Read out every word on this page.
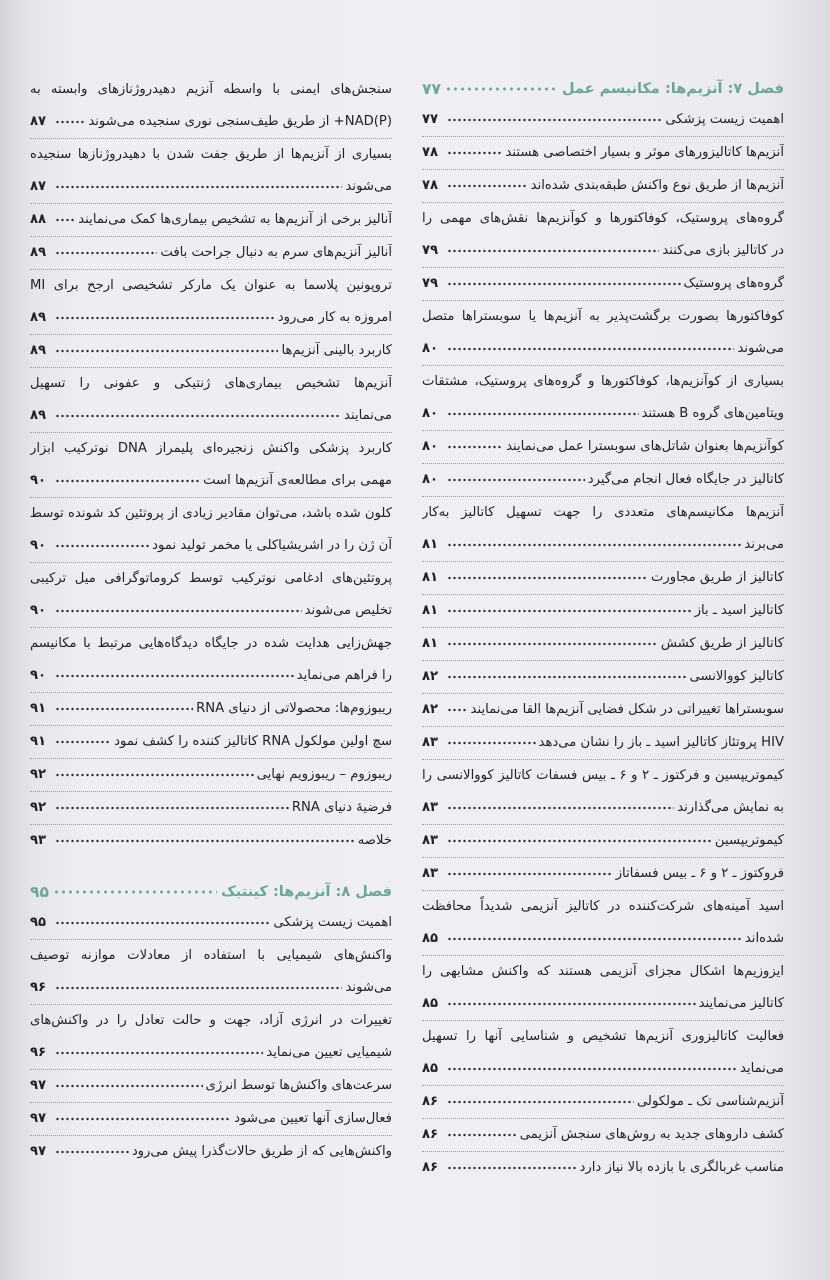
فصل ۷: آنزیم‌ها: مکانیسم عمل
۷۷
اهمیت زیست پزشکی
۷۷
آنزیم‌ها کاتالیزورهای موثر و بسیار اختصاصی هستند
۷۸
آنزیم‌ها از طریق نوع واکنش طبقه‌بندی شده‌اند
۷۸
گروه‌های پروستیک، کوفاکتورها و کوآنزیم‌ها نقش‌های مهمی را
در کاتالیز بازی می‌کنند
۷۹
گروه‌های پروستیک
۷۹
کوفاکتورها بصورت برگشت‌پذیر به آنزیم‌ها یا سوبستراها متصل
می‌شوند
۸۰
بسیاری از کوآنزیم‌ها، کوفاکتورها و گروه‌های پروستیک، مشتقات
ویتامین‌های گروه B هستند
۸۰
کوآنزیم‌ها بعنوان شاتل‌های سوبسترا عمل می‌نمایند
۸۰
کاتالیز در جایگاه فعال انجام می‌گیرد
۸۰
آنزیم‌ها مکانیسم‌های متعددی را جهت تسهیل کاتالیز به‌کار
می‌برند
۸۱
کاتالیز از طریق مجاورت
۸۱
کاتالیز اسید ـ باز
۸۱
کاتالیز از طریق کشش
۸۱
کاتالیز کووالانسی
۸۲
سوبستراها تغییراتی در شکل فضایی آنزیم‌ها القا می‌نمایند
۸۲
HIV پروتئاز کاتالیز اسید ـ باز را نشان می‌دهد
۸۳
کیموتریپسین و فرکتوز ـ ۲ و ۶ ـ بیس فسفات کاتالیز کووالانسی را
به نمایش می‌گذارند
۸۳
کیموتریپسین
۸۳
فروکتوز ـ ۲ و ۶ ـ بیس فسفاتاز
۸۳
اسید آمینه‌های شرکت‌کننده در کاتالیز آنزیمی شدیداً محافظت
شده‌اند
۸۵
ایزوزیم‌ها اشکال مجزای آنزیمی هستند که واکنش مشابهی را
کاتالیز می‌نمایند
۸۵
فعالیت کاتالیزوری آنزیم‌ها تشخیص و شناسایی آنها را تسهیل
می‌نماید
۸۵
آنزیم‌شناسی تک ـ مولکولی
۸۶
کشف داروهای جدید به روش‌های سنجش آنزیمی
۸۶
مناسب غربالگری با بازده بالا نیاز دارد
۸۶
سنجش‌های ایمنی با واسطه آنزیم دهیدروژنازهای وابسته به
NAD(P)+ از طریق طیف‌سنجی نوری سنجیده می‌شوند
۸۷
بسیاری از آنزیم‌ها از طریق جفت شدن با دهیدروژنازها سنجیده
می‌شوند
۸۷
آنالیز برخی از آنزیم‌ها به تشخیص بیماری‌ها کمک می‌نمایند
۸۸
آنالیز آنزیم‌های سرم به دنبال جراحت بافت
۸۹
تروپونین پلاسما به عنوان یک مارکر تشخیصی ارجح برای MI
امروزه به کار می‌رود
۸۹
کاربرد بالینی آنزیم‌ها
۸۹
آنزیم‌ها تشخیص بیماری‌های ژنتیکی و عفونی را تسهیل
می‌نمایند
۸۹
کاربرد پزشکی واکنش زنجیره‌ای پلیمراز DNA نوترکیب ابزار
مهمی برای مطالعه‌ی آنزیم‌ها است
۹۰
کلون شده باشد، می‌توان مقادیر زیادی از پروتئین کد شونده توسط
آن ژن را در اشریشیاکلی یا مخمر تولید نمود
۹۰
پروتئین‌های ادغامی نوترکیب توسط کروماتوگرافی میل ترکیبی
تخلیص می‌شوند
۹۰
جهش‌زایی هدایت شده در جایگاه دیدگاه‌هایی مرتبط با مکانیسم
را فراهم می‌نماید
۹۰
ریبوزوم‌ها: محصولاتی از دنیای RNA
۹۱
سچ اولین مولکول RNA کاتالیز کننده را کشف نمود
۹۱
ریبوزوم – ریبوزویم نهایی
۹۲
فرضیهٔ دنیای RNA
۹۲
خلاصه
۹۳
فصل ۸: آنزیم‌ها: کینتیک
۹۵
اهمیت زیست پزشکی
۹۵
واکنش‌های شیمیایی با استفاده از معادلات موازنه توصیف
می‌شوند
۹۶
تغییرات در انرژی آزاد، جهت و حالت تعادل را در واکنش‌های
شیمیایی تعیین می‌نماید
۹۶
سرعت‌های واکنش‌ها توسط انرژی
۹۷
فعال‌سازی آنها تعیین می‌شود
۹۷
واکنش‌هایی که از طریق حالات‌گذرا پیش می‌رود
۹۷
